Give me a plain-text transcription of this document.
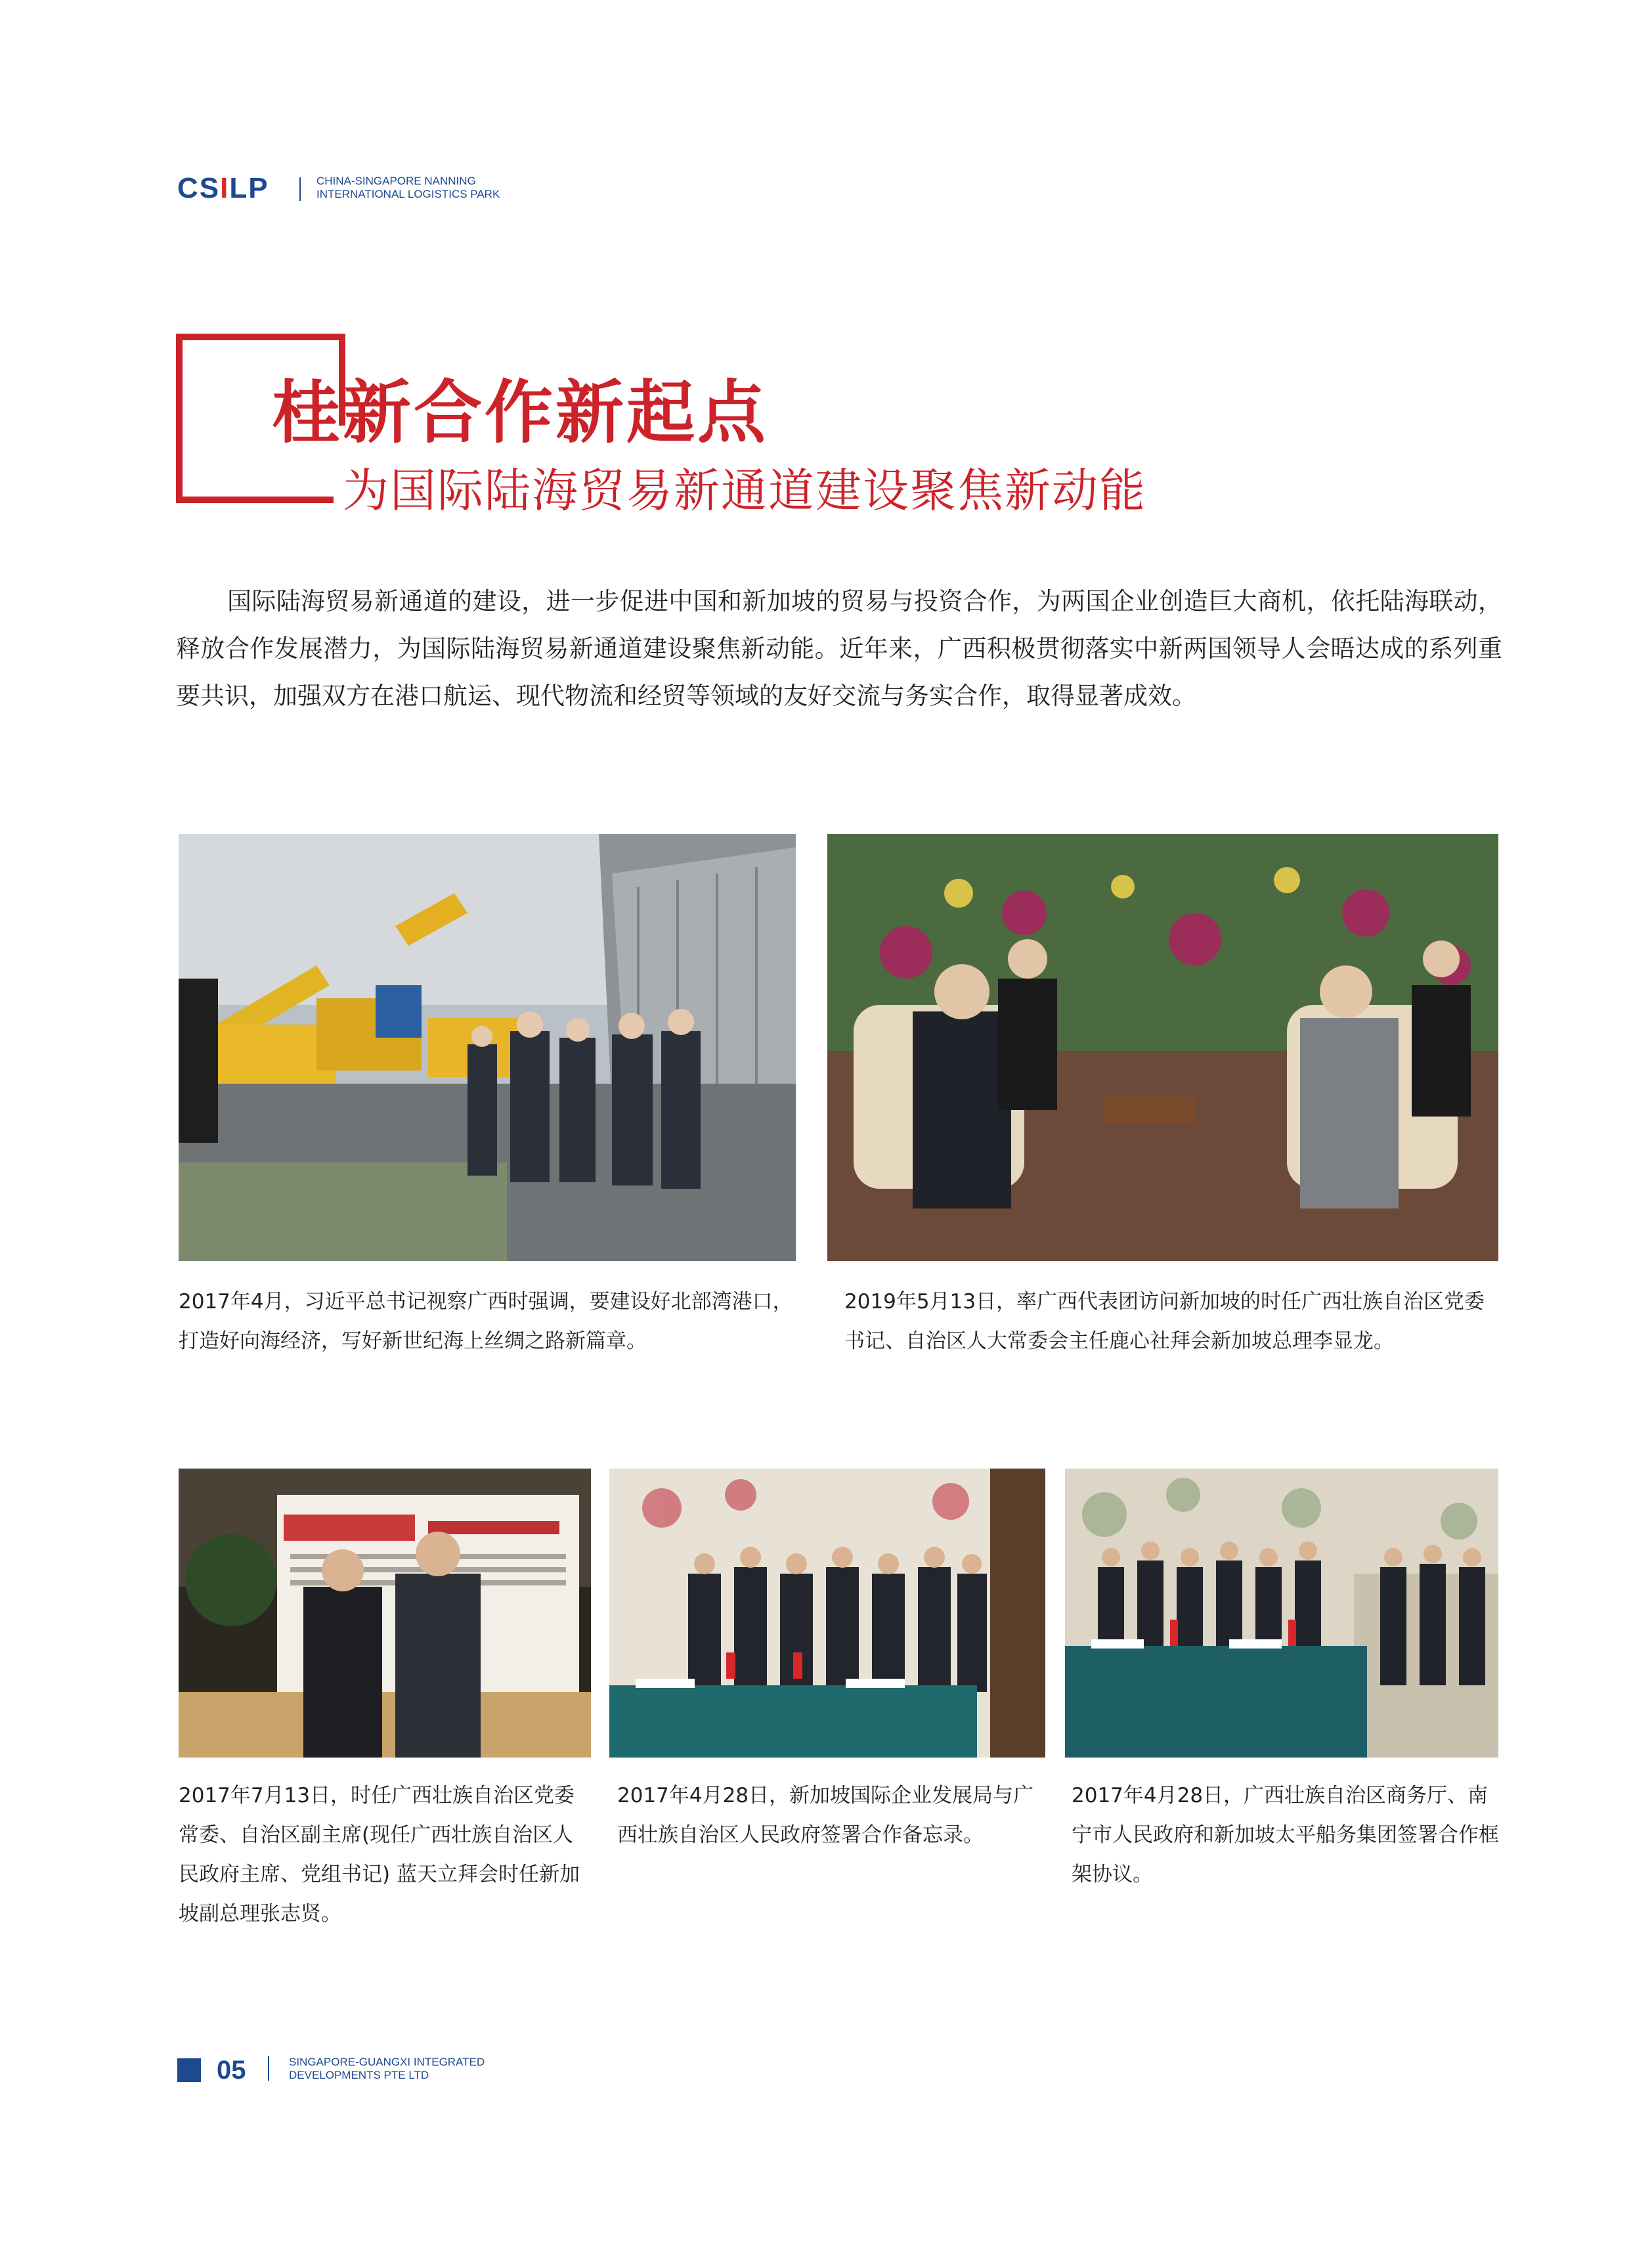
CSILP	CHINA-SINGAPORE NANNING
INTERNATIONAL LOGISTICS PARK
桂新合作新起点
为国际陆海贸易新通道建设聚焦新动能
国际陆海贸易新通道的建设，进一步促进中国和新加坡的贸易与投资合作，为两国企业创造巨大商机，依托陆海联动，释放合作发展潜力，为国际陆海贸易新通道建设聚焦新动能。近年来，广西积极贯彻落实中新两国领导人会晤达成的系列重要共识，加强双方在港口航运、现代物流和经贸等领域的友好交流与务实合作，取得显著成效。
2017年4月，习近平总书记视察广西时强调，要建设好北部湾港口，打造好向海经济，写好新世纪海上丝绸之路新篇章。
2019年5月13日，率广西代表团访问新加坡的时任广西壮族自治区党委书记、自治区人大常委会主任鹿心社拜会新加坡总理李显龙。
2017年7月13日，时任广西壮族自治区党委常委、自治区副主席(现任广西壮族自治区人民政府主席、党组书记) 蓝天立拜会时任新加坡副总理张志贤。
2017年4月28日，新加坡国际企业发展局与广西壮族自治区人民政府签署合作备忘录。
2017年4月28日，广西壮族自治区商务厅、南宁市人民政府和新加坡太平船务集团签署合作框架协议。
05	SINGAPORE-GUANGXI INTEGRATED
DEVELOPMENTS PTE LTD
